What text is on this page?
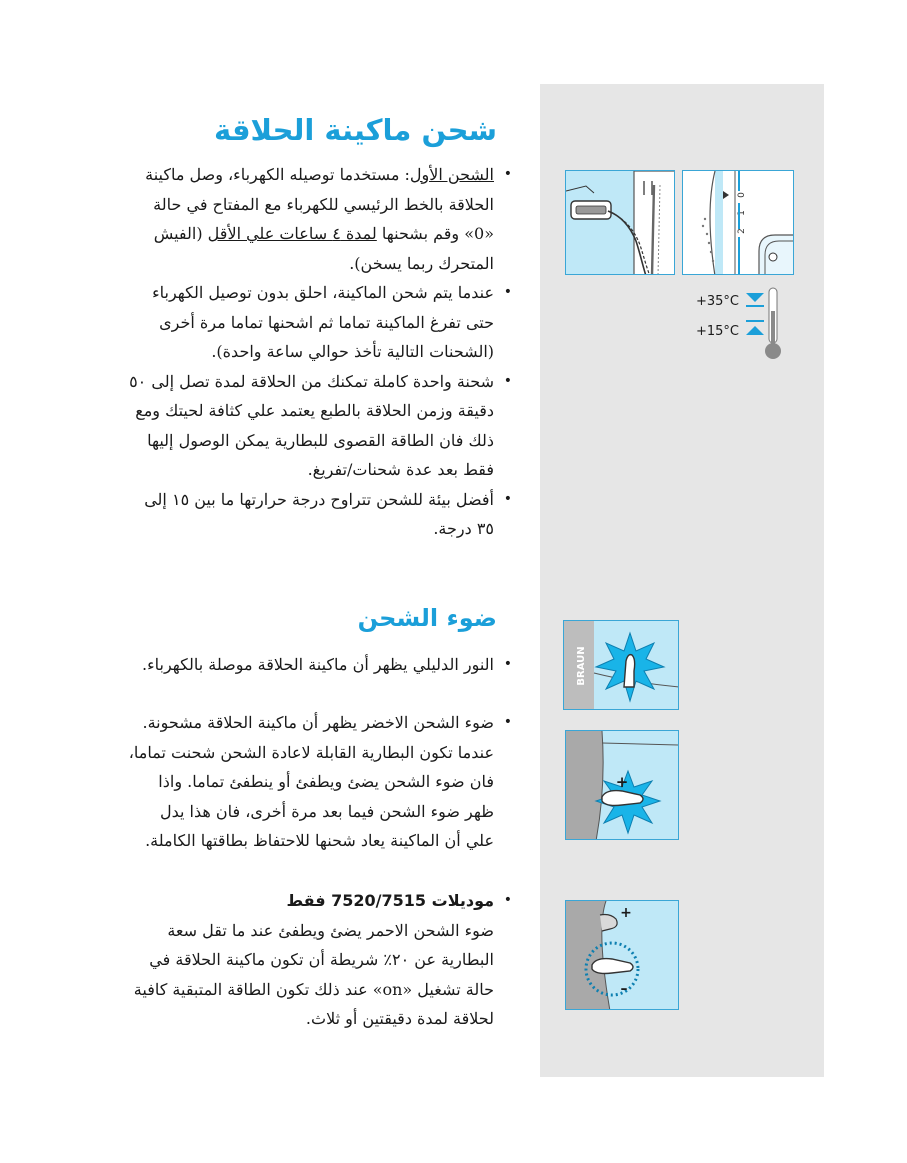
شحن ماكينة الحلاقة
• الشحن الأول: مستخدما توصيله الكهرباء، وصل ماكينة الحلاقة بالخط الرئيسي للكهرباء مع المفتاح في حالة «0» وقم بشحنها لمدة ٤ ساعات علي الأقل (الفيش المتحرك ربما يسخن).
• عندما يتم شحن الماكينة، احلق بدون توصيل الكهرباء حتى تفرغ الماكينة تماما ثم اشحنها تماما مرة أخرى (الشحنات التالية تأخذ حوالي ساعة واحدة).
• شحنة واحدة كاملة تمكنك من الحلاقة لمدة تصل إلى ٥٠ دقيقة وزمن الحلاقة بالطبع يعتمد علي كثافة لحيتك ومع ذلك فان الطاقة القصوى للبطارية يمكن الوصول إليها فقط بعد عدة شحنات/تفريغ.
• أفضل بيئة للشحن تتراوح درجة حرارتها ما بين ١٥ إلى ٣٥ درجة.
ضوء الشحن
• النور الدليلي يظهر أن ماكينة الحلاقة موصلة بالكهرباء.
• ضوء الشحن الاخضر يظهر أن ماكينة الحلاقة مشحونة. عندما تكون البطارية القابلة لاعادة الشحن شحنت تماما، فان ضوء الشحن يضئ ويطفئ أو ينطفئ تماما. واذا ظهر ضوء الشحن فيما بعد مرة أخرى، فان هذا يدل علي أن الماكينة يعاد شحنها للاحتفاظ بطاقتها الكاملة.
• موديلات 7520/7515 فقط
ضوء الشحن الاحمر يضئ ويطفئ عند ما تقل سعة البطارية عن ٢٠٪ شريطة أن تكون ماكينة الحلاقة في حالة تشغيل «on» عند ذلك تكون الطاقة المتبقية كافية لحلاقة لمدة دقيقتين أو ثلاث.
0
1
2
+35°C
+15°C
BRAUN
+
+
–
